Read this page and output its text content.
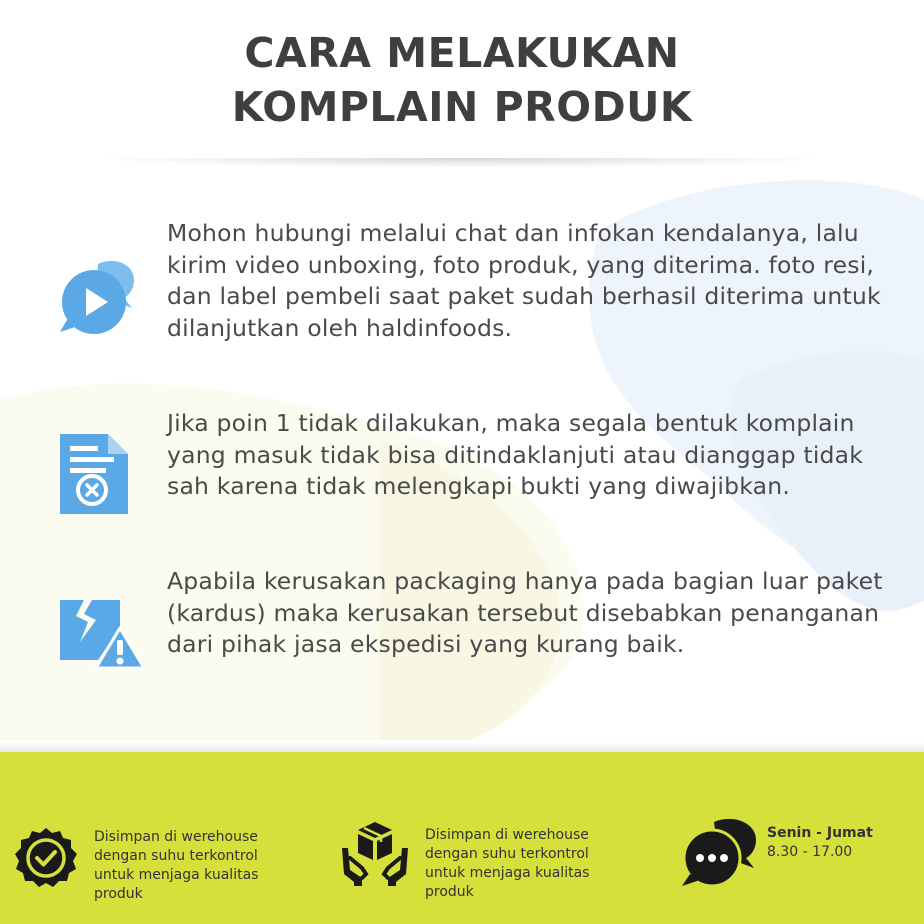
CARA MELAKUKAN
KOMPLAIN PRODUK

Mohon hubungi melalui chat dan infokan kendalanya, lalu kirim video unboxing, foto produk, yang diterima. foto resi, dan label pembeli saat paket sudah berhasil diterima untuk dilanjutkan oleh haldinfoods.

Jika poin 1 tidak dilakukan, maka segala bentuk komplain yang masuk tidak bisa ditindaklanjuti atau dianggap tidak sah karena tidak melengkapi bukti yang diwajibkan.

Apabila kerusakan packaging hanya pada bagian luar paket (kardus) maka kerusakan tersebut disebabkan penanganan dari pihak jasa ekspedisi yang kurang baik.

Disimpan di werehouse dengan suhu terkontrol untuk menjaga kualitas produk

Disimpan di werehouse dengan suhu terkontrol untuk menjaga kualitas produk

Senin - Jumat

8.30 - 17.00
